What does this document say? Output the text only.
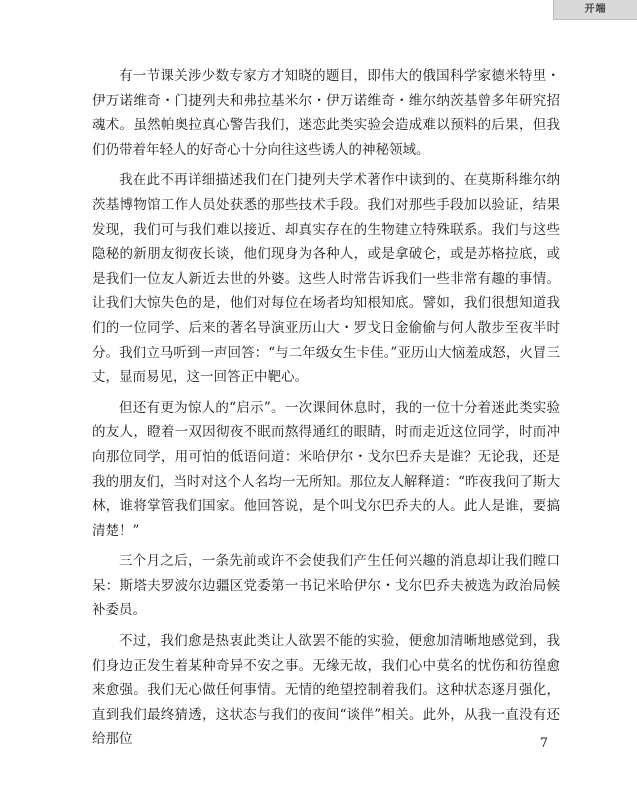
开端

有一节课关涉少数专家方才知晓的题目，即伟大的俄国科学家德米特里・伊万诺维奇・门捷列夫和弗拉基米尔・伊万诺维奇・维尔纳茨基曾多年研究招魂术。虽然帕奥拉真心警告我们，迷恋此类实验会造成难以预料的后果，但我们仍带着年轻人的好奇心十分向往这些诱人的神秘领域。

我在此不再详细描述我们在门捷列夫学术著作中读到的、在莫斯科维尔纳茨基博物馆工作人员处获悉的那些技术手段。我们对那些手段加以验证，结果发现，我们可与我们难以接近、却真实存在的生物建立特殊联系。我们与这些隐秘的新朋友彻夜长谈，他们现身为各种人，或是拿破仑，或是苏格拉底，或是我们一位友人新近去世的外婆。这些人时常告诉我们一些非常有趣的事情。让我们大惊失色的是，他们对每位在场者均知根知底。譬如，我们很想知道我们的一位同学、后来的著名导演亚历山大・罗戈日金偷偷与何人散步至夜半时分。我们立马听到一声回答：“与二年级女生卡佳。”亚历山大恼羞成怒，火冒三丈，显而易见，这一回答正中靶心。

但还有更为惊人的“启示”。一次课间休息时，我的一位十分着迷此类实验的友人，瞪着一双因彻夜不眠而熬得通红的眼睛，时而走近这位同学，时而冲向那位同学，用可怕的低语问道：米哈伊尔・戈尔巴乔夫是谁？无论我，还是我的朋友们，当时对这个人名均一无所知。那位友人解释道：“昨夜我问了斯大林，谁将掌管我们国家。他回答说，是个叫戈尔巴乔夫的人。此人是谁，要搞清楚！”

三个月之后，一条先前或许不会使我们产生任何兴趣的消息却让我们瞠口呆：斯塔夫罗波尔边疆区党委第一书记米哈伊尔・戈尔巴乔夫被选为政治局候补委员。

不过，我们愈是热衷此类让人欲罢不能的实验，便愈加清晰地感觉到，我们身边正发生着某种奇异不安之事。无缘无故，我们心中莫名的忧伤和彷徨愈来愈强。我们无心做任何事情。无情的绝望控制着我们。这种状态逐月强化，直到我们最终猜透，这状态与我们的夜间“谈伴”相关。此外，从我一直没有还给那位	7
